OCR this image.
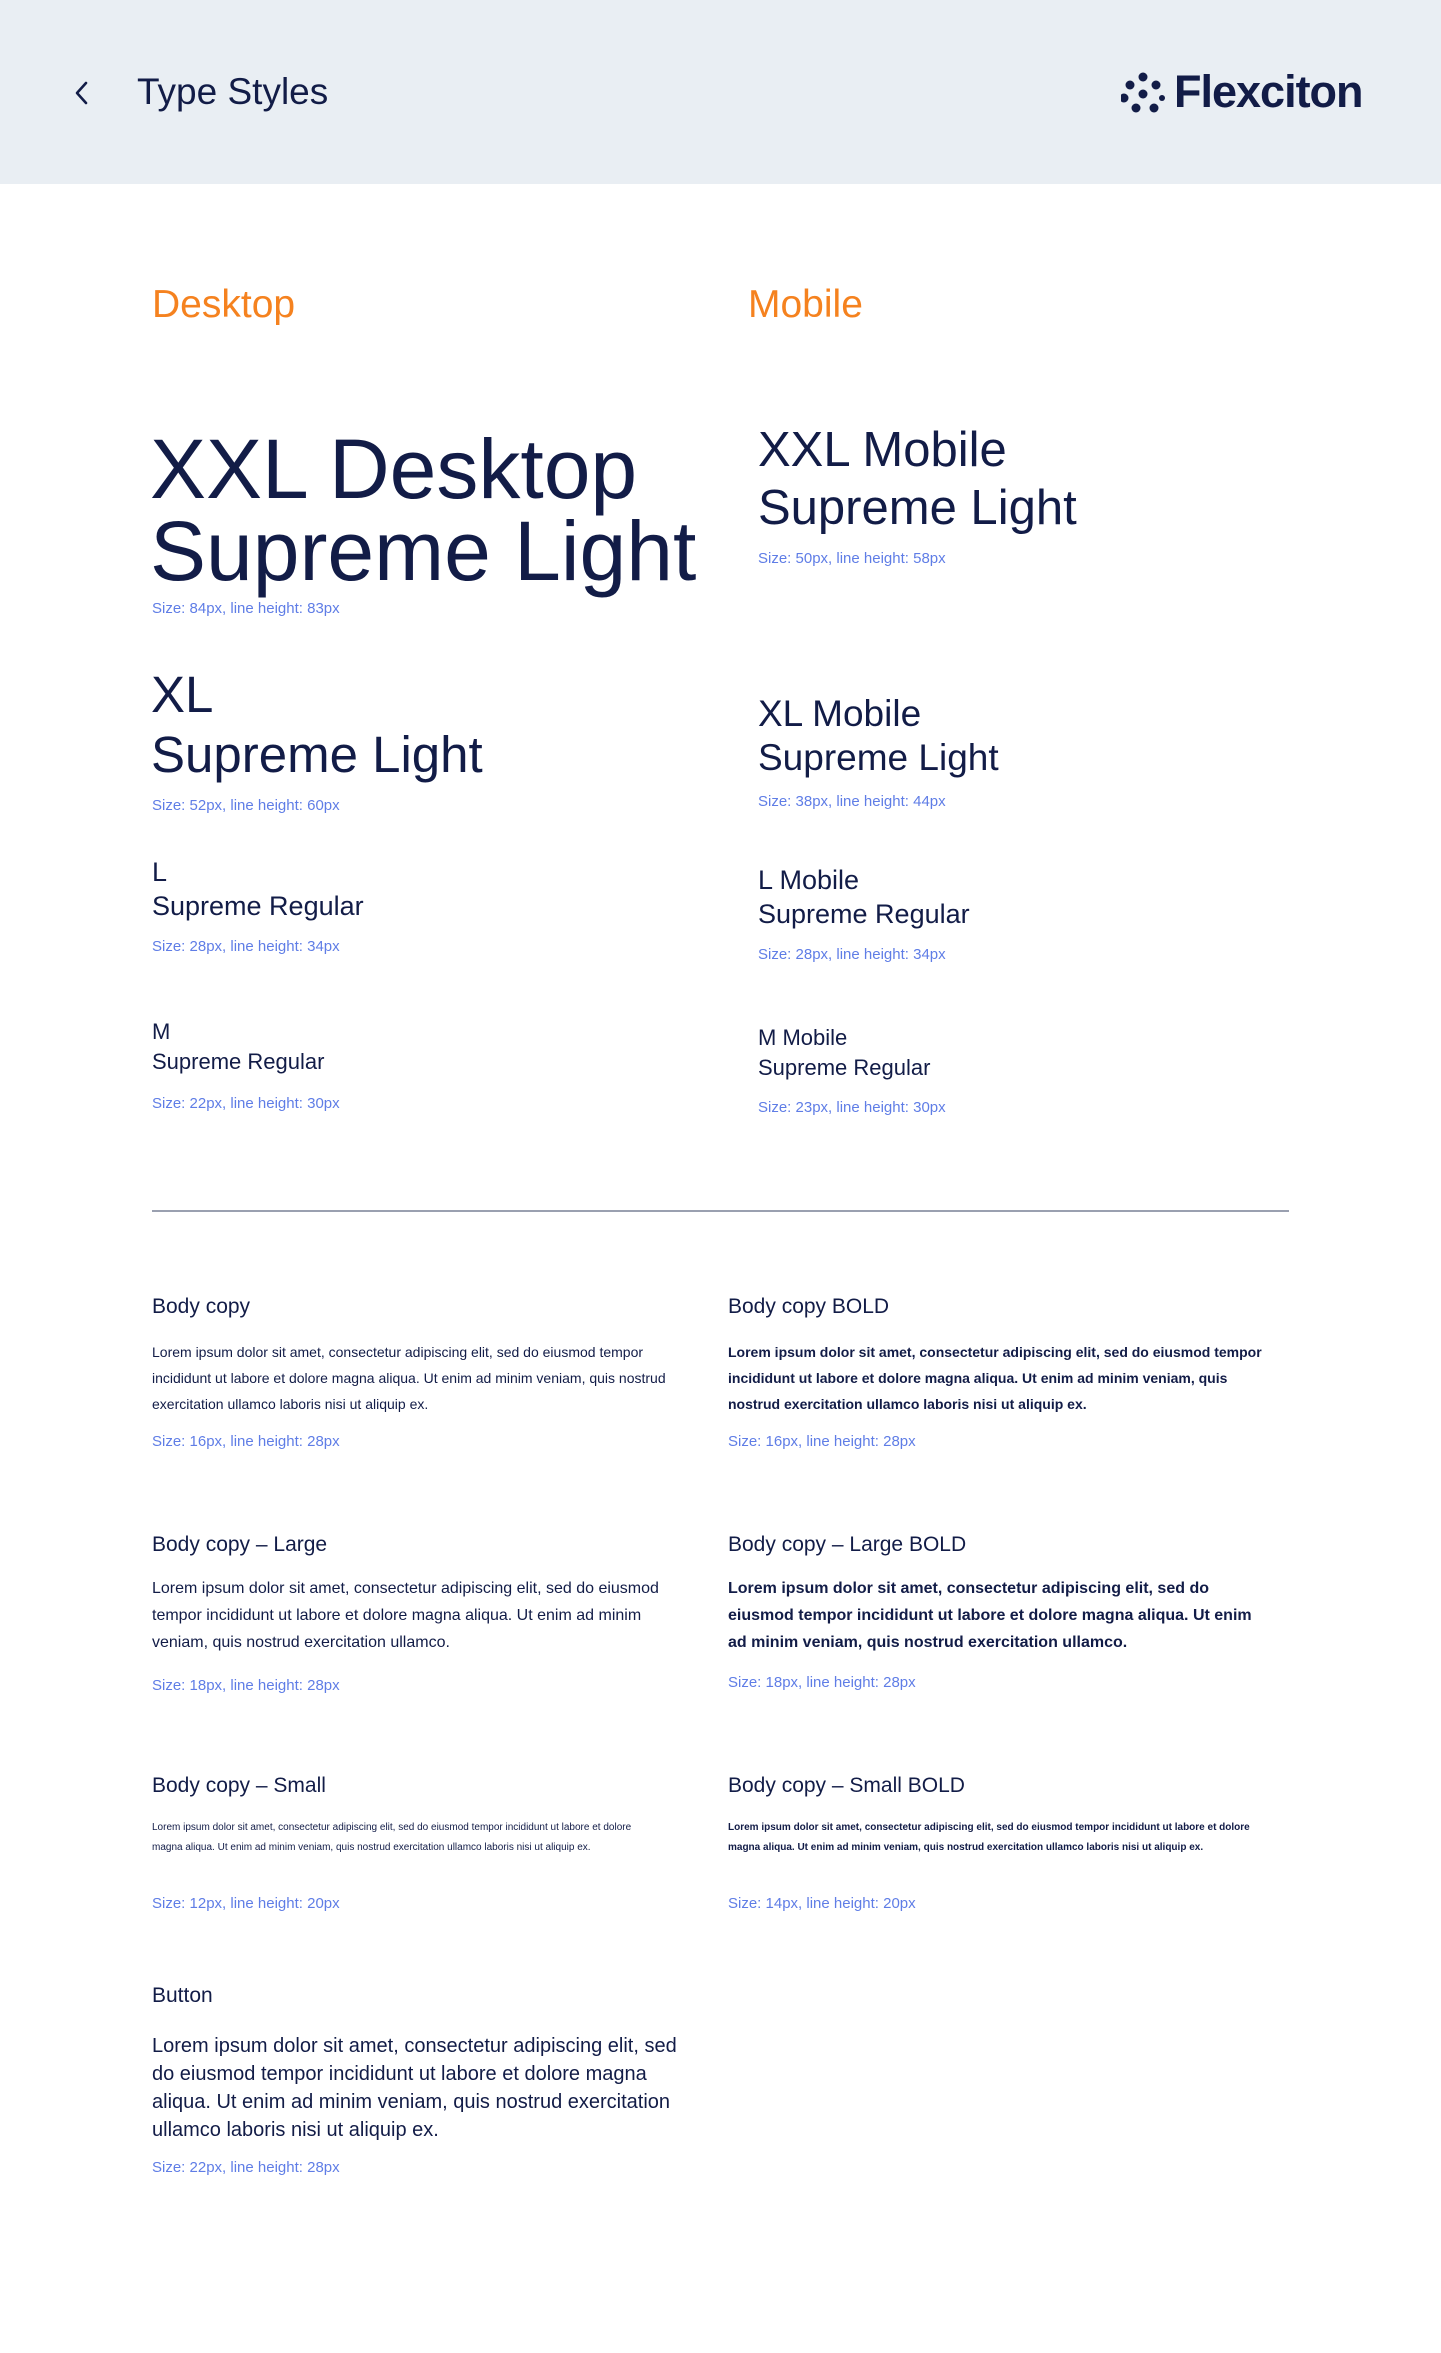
Type Styles	Flexciton
Desktop	Mobile
XXL Desktop
Supreme Light
Size: 84px, line height: 83px
XL
Supreme Light
Size: 52px, line height: 60px
L
Supreme Regular
Size: 28px, line height: 34px
M
Supreme Regular
Size: 22px, line height: 30px
XXL Mobile
Supreme Light
Size: 50px, line height: 58px
XL Mobile
Supreme Light
Size: 38px, line height: 44px
L Mobile
Supreme Regular
Size: 28px, line height: 34px
M Mobile
Supreme Regular
Size: 23px, line height: 30px
Body copy
Lorem ipsum dolor sit amet, consectetur adipiscing elit, sed do eiusmod tempor incididunt ut labore et dolore magna aliqua. Ut enim ad minim veniam, quis nostrud exercitation ullamco laboris nisi ut aliquip ex.
Size: 16px, line height: 28px
Body copy BOLD
Lorem ipsum dolor sit amet, consectetur adipiscing elit, sed do eiusmod tempor incididunt ut labore et dolore magna aliqua. Ut enim ad minim veniam, quis nostrud exercitation ullamco laboris nisi ut aliquip ex.
Size: 16px, line height: 28px
Body copy – Large
Lorem ipsum dolor sit amet, consectetur adipiscing elit, sed do eiusmod tempor incididunt ut labore et dolore magna aliqua. Ut enim ad minim veniam, quis nostrud exercitation ullamco.
Size: 18px, line height: 28px
Body copy – Large BOLD
Lorem ipsum dolor sit amet, consectetur adipiscing elit, sed do eiusmod tempor incididunt ut labore et dolore magna aliqua. Ut enim ad minim veniam, quis nostrud exercitation ullamco.
Size: 18px, line height: 28px
Body copy – Small
Lorem ipsum dolor sit amet, consectetur adipiscing elit, sed do eiusmod tempor incididunt ut labore et dolore magna aliqua. Ut enim ad minim veniam, quis nostrud exercitation ullamco laboris nisi ut aliquip ex.
Size: 12px, line height: 20px
Body copy – Small BOLD
Lorem ipsum dolor sit amet, consectetur adipiscing elit, sed do eiusmod tempor incididunt ut labore et dolore magna aliqua. Ut enim ad minim veniam, quis nostrud exercitation ullamco laboris nisi ut aliquip ex.
Size: 14px, line height: 20px
Button
Lorem ipsum dolor sit amet, consectetur adipiscing elit, sed do eiusmod tempor incididunt ut labore et dolore magna aliqua. Ut enim ad minim veniam, quis nostrud exercitation ullamco laboris nisi ut aliquip ex.
Size: 22px, line height: 28px
